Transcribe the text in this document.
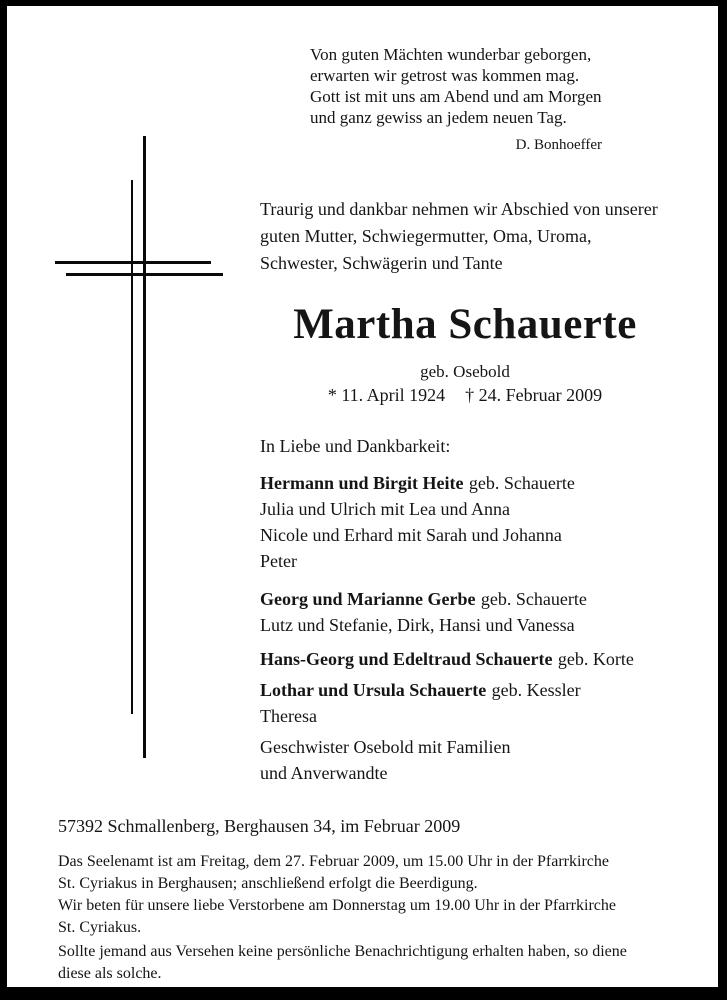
Von guten Mächten wunderbar geborgen,
erwarten wir getrost was kommen mag.
Gott ist mit uns am Abend und am Morgen
und ganz gewiss an jedem neuen Tag.
D. Bonhoeffer
Traurig und dankbar nehmen wir Abschied von unserer
guten Mutter, Schwiegermutter, Oma, Uroma,
Schwester, Schwägerin und Tante
Martha Schauerte
geb. Osebold
* 11. April 1924 † 24. Februar 2009
In Liebe und Dankbarkeit:
Hermann und Birgit Heite geb. Schauerte
Julia und Ulrich mit Lea und Anna
Nicole und Erhard mit Sarah und Johanna
Peter
Georg und Marianne Gerbe geb. Schauerte
Lutz und Stefanie, Dirk, Hansi und Vanessa
Hans-Georg und Edeltraud Schauerte geb. Korte
Lothar und Ursula Schauerte geb. Kessler
Theresa
Geschwister Osebold mit Familien
und Anverwandte
57392 Schmallenberg, Berghausen 34, im Februar 2009
Das Seelenamt ist am Freitag, dem 27. Februar 2009, um 15.00 Uhr in der Pfarrkirche
St. Cyriakus in Berghausen; anschließend erfolgt die Beerdigung.
Wir beten für unsere liebe Verstorbene am Donnerstag um 19.00 Uhr in der Pfarrkirche
St. Cyriakus.
Sollte jemand aus Versehen keine persönliche Benachrichtigung erhalten haben, so diene
diese als solche.
